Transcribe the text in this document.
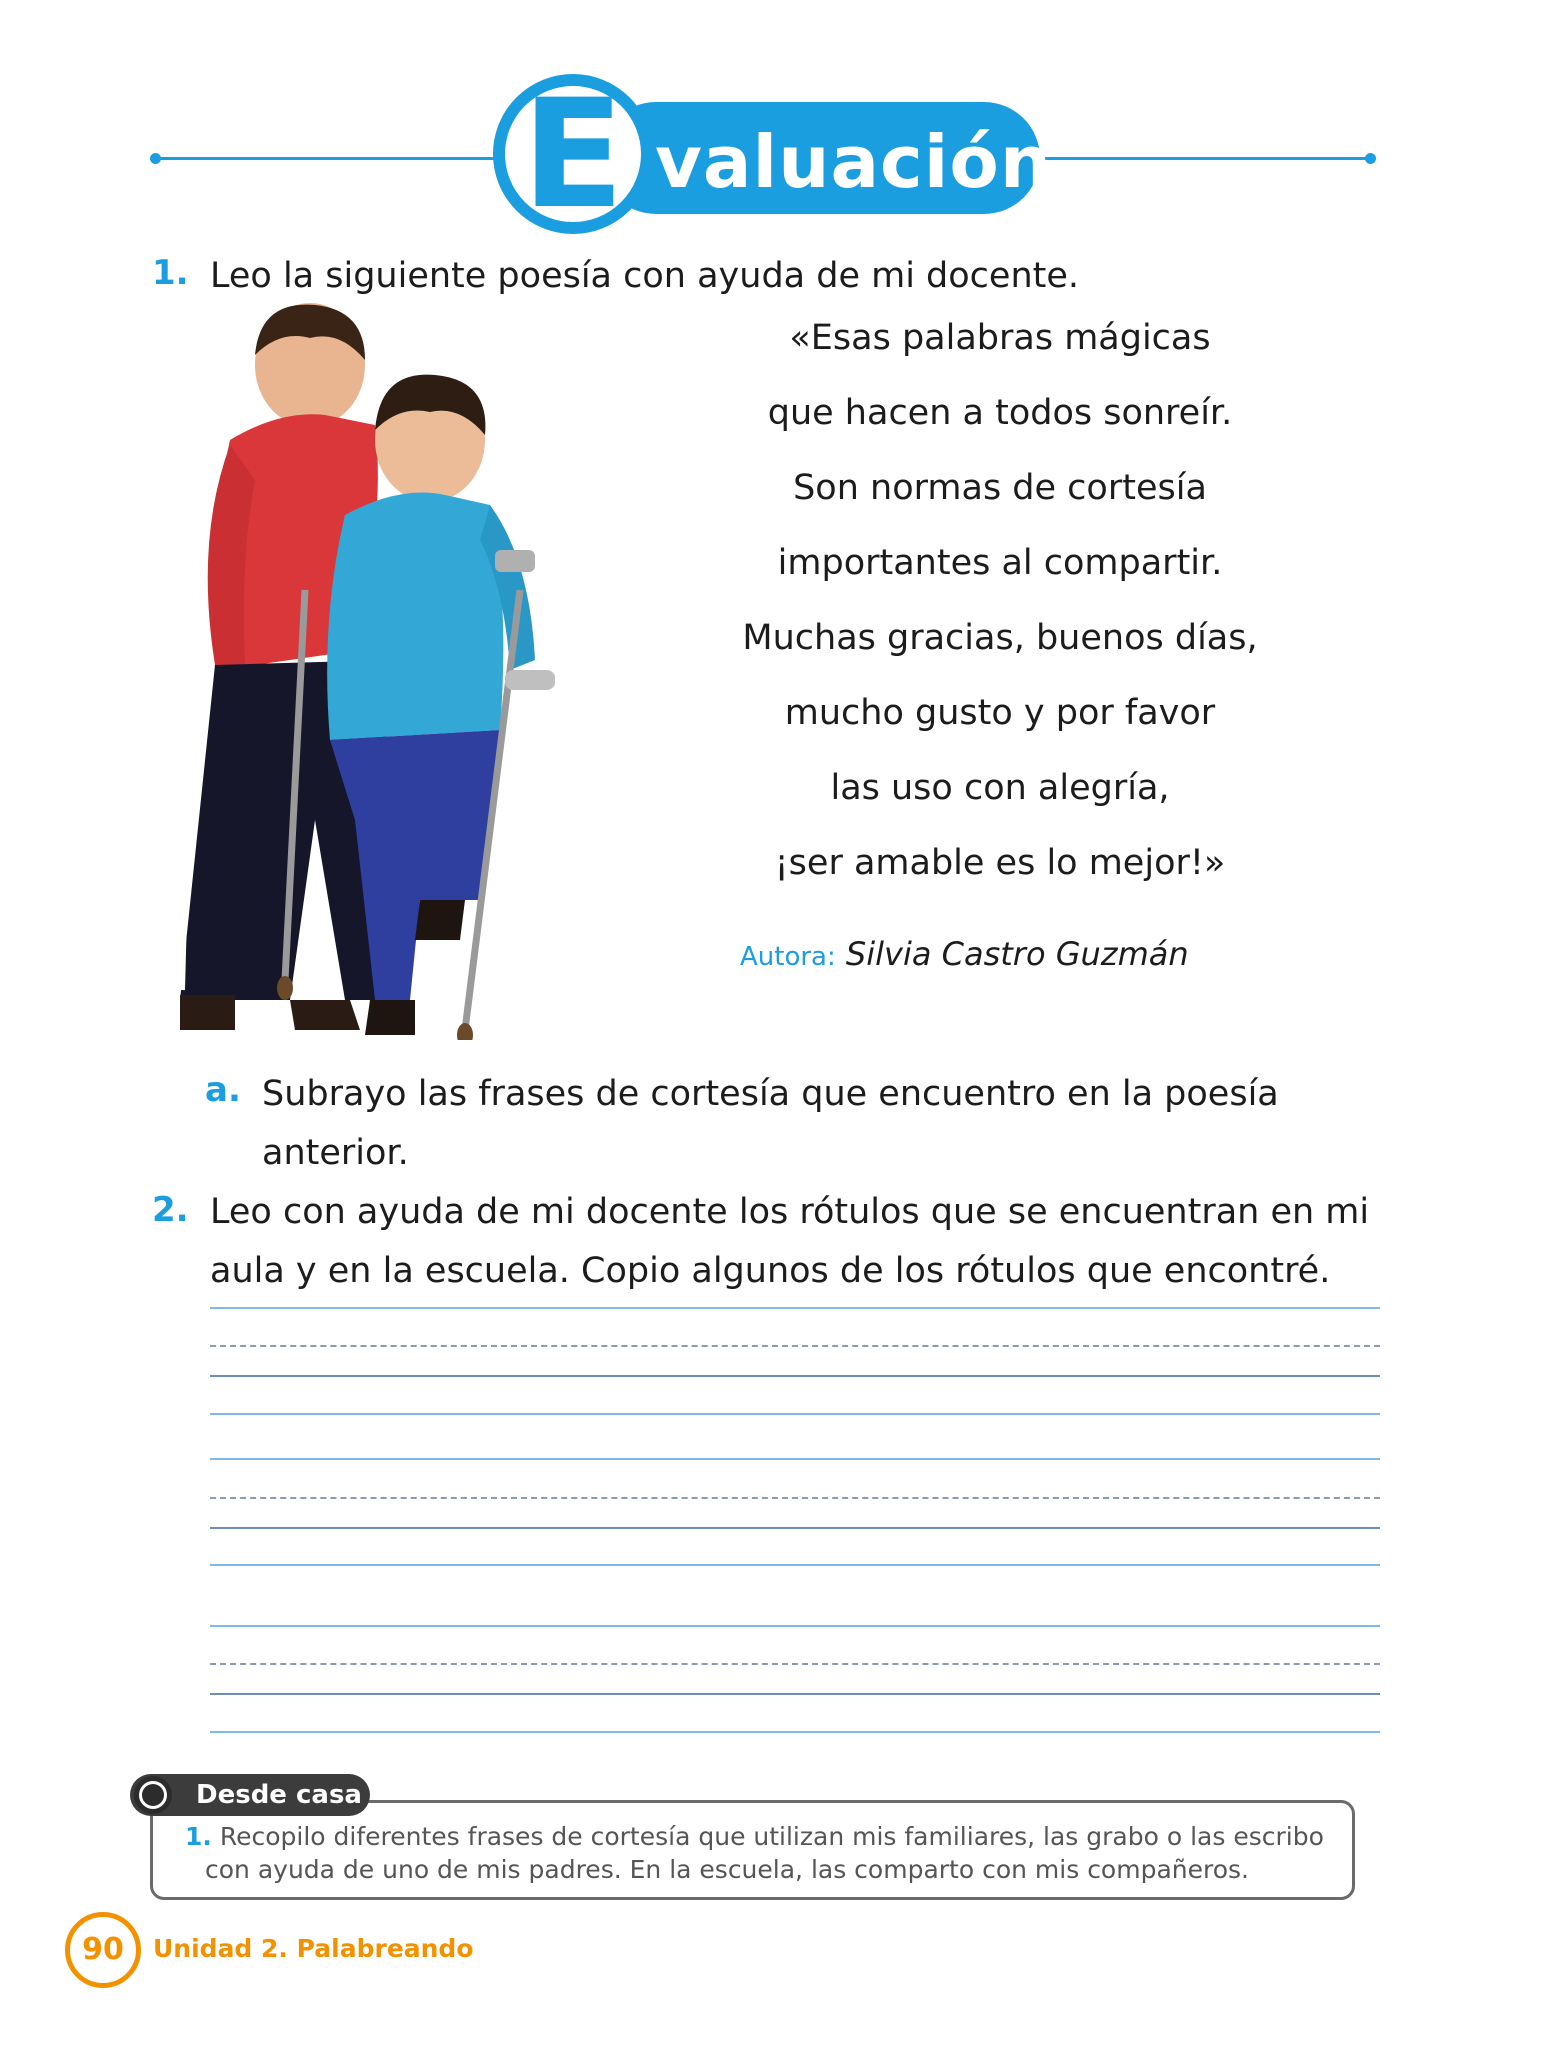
E valuación
1. Leo la siguiente poesía con ayuda de mi docente.
«Esas palabras mágicas
que hacen a todos sonreír.
Son normas de cortesía
importantes al compartir.
Muchas gracias, buenos días,
mucho gusto y por favor
las uso con alegría,
¡ser amable es lo mejor!»
Autora: Silvia Castro Guzmán
a. Subrayo las frases de cortesía que encuentro en la poesía
anterior.
2. Leo con ayuda de mi docente los rótulos que se encuentran en mi
aula y en la escuela. Copio algunos de los rótulos que encontré.
Desde casa
1. Recopilo diferentes frases de cortesía que utilizan mis familiares, las grabo o las escribo
con ayuda de uno de mis padres. En la escuela, las comparto con mis compañeros.
90	Unidad 2. Palabreando
